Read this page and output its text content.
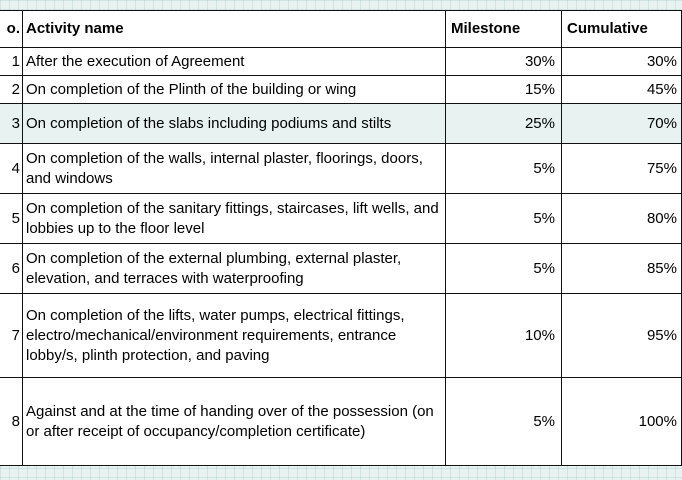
o.	Activity name	Milestone	Cumulative
1	After the execution of Agreement	30%	30%
2	On completion of the Plinth of the building or wing	15%	45%
3	On completion of the slabs including podiums and stilts	25%	70%
4	On completion of the walls, internal plaster, floorings, doors, and windows	5%	75%
5	On completion of the sanitary fittings, staircases, lift wells, and lobbies up to the floor level	5%	80%
6	On completion of the external plumbing, external plaster, elevation, and terraces with waterproofing	5%	85%
7	On completion of the lifts, water pumps, electrical fittings, electro/mechanical/environment requirements, entrance lobby/s, plinth protection, and paving	10%	95%
8	Against and at the time of handing over of the possession (on or after receipt of occupancy/completion certificate)	5%	100%
